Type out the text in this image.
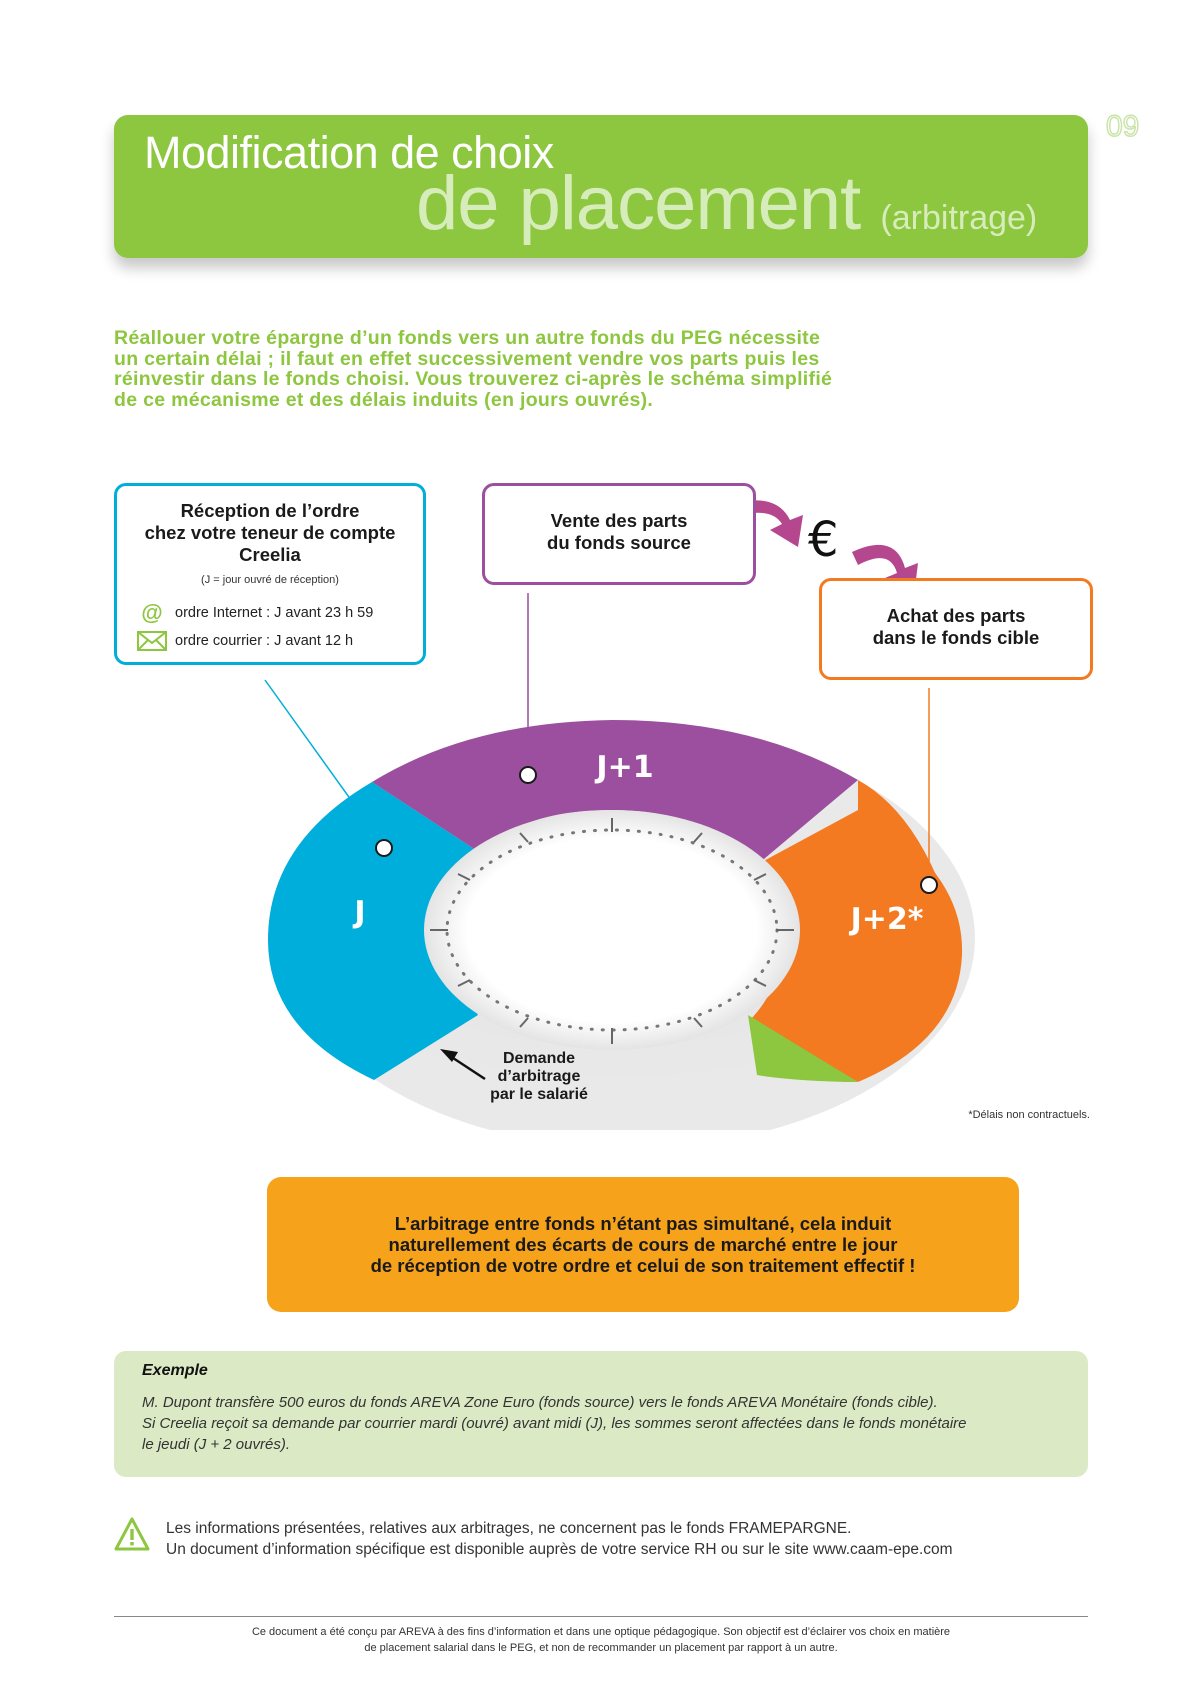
Modification de choix
de placement (arbitrage)
09

Réallouer votre épargne d’un fonds vers un autre fonds du PEG nécessite

un certain délai ; il faut en effet successivement vendre vos parts puis les

réinvestir dans le fonds choisi. Vous trouverez ci-après le schéma simplifié

de ce mécanisme et des délais induits (en jours ouvrés).

J
J+1
J+2*
Réception de l’ordre
chez votre teneur de compte
Creelia
(J = jour ouvré de réception)
@ ordre Internet : J avant 23 h 59
ordre courrier : J avant 12 h
Vente des parts
du fonds source	€
Achat des parts
dans le fonds cible
Demande
d’arbitrage
par le salarié
*Délais non contractuels.

L’arbitrage entre fonds n’étant pas simultané, cela induit

naturellement des écarts de cours de marché entre le jour

de réception de votre ordre et celui de son traitement effectif !

Exemple

M. Dupont transfère 500 euros du fonds AREVA Zone Euro (fonds source) vers le fonds AREVA Monétaire (fonds cible).

Si Creelia reçoit sa demande par courrier mardi (ouvré) avant midi (J), les sommes seront affectées dans le fonds monétaire

le jeudi (J + 2 ouvrés).

Les informations présentées, relatives aux arbitrages, ne concernent pas le fonds FRAMEPARGNE.

Un document d’information spécifique est disponible auprès de votre service RH ou sur le site www.caam-epe.com

Ce document a été conçu par AREVA à des fins d’information et dans une optique pédagogique. Son objectif est d’éclairer vos choix en matière

de placement salarial dans le PEG, et non de recommander un placement par rapport à un autre.
